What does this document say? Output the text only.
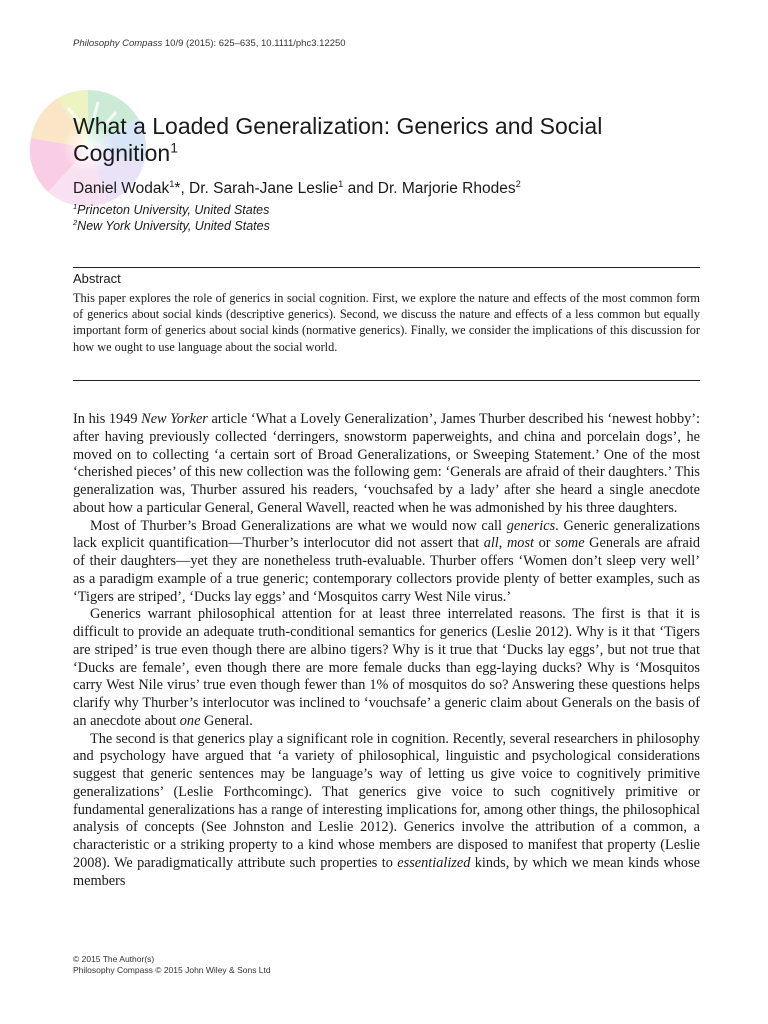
Philosophy Compass 10/9 (2015): 625–635, 10.1111/phc3.12250
What a Loaded Generalization: Generics and Social Cognition$^1$
Daniel Wodak$^1$*, Dr. Sarah-Jane Leslie$^1$ and Dr. Marjorie Rhodes$^2$
$^1$Princeton University, United States
$^2$New York University, United States
Abstract

This paper explores the role of generics in social cognition. First, we explore the nature and effects of the most common form of generics about social kinds (descriptive generics). Second, we discuss the nature and effects of a less common but equally important form of generics about social kinds (normative generics). Finally, we consider the implications of this discussion for how we ought to use language about the social world.

In his 1949 New Yorker article ‘What a Lovely Generalization’, James Thurber described his ‘newest hobby’: after having previously collected ‘derringers, snowstorm paperweights, and china and porcelain dogs’, he moved on to collecting ‘a certain sort of Broad Generalizations, or Sweeping Statement.’ One of the most ‘cherished pieces’ of this new collection was the following gem: ‘Generals are afraid of their daughters.’ This generalization was, Thurber assured his readers, ‘vouchsafed by a lady’ after she heard a single anecdote about how a particular General, General Wavell, reacted when he was admonished by his three daughters.

Most of Thurber’s Broad Generalizations are what we would now call generics. Generic generalizations lack explicit quantification—Thurber’s interlocutor did not assert that all, most or some Generals are afraid of their daughters—yet they are nonetheless truth-evaluable. Thurber offers ‘Women don’t sleep very well’ as a paradigm example of a true generic; contemporary collectors provide plenty of better examples, such as ‘Tigers are striped’, ‘Ducks lay eggs’ and ‘Mosquitos carry West Nile virus.’

Generics warrant philosophical attention for at least three interrelated reasons. The first is that it is difficult to provide an adequate truth-conditional semantics for generics (Leslie 2012). Why is it that ‘Tigers are striped’ is true even though there are albino tigers? Why is it true that ‘Ducks lay eggs’, but not true that ‘Ducks are female’, even though there are more female ducks than egg-laying ducks? Why is ‘Mosquitos carry West Nile virus’ true even though fewer than 1% of mosquitos do so? Answering these questions helps clarify why Thurber’s interlocutor was inclined to ‘vouchsafe’ a generic claim about Generals on the basis of an anecdote about one General.

The second is that generics play a significant role in cognition. Recently, several researchers in philosophy and psychology have argued that ‘a variety of philosophical, linguistic and psychological considerations suggest that generic sentences may be language’s way of letting us give voice to cognitively primitive generalizations’ (Leslie Forthcomingc). That generics give voice to such cognitively primitive or fundamental generalizations has a range of interesting implications for, among other things, the philosophical analysis of concepts (See Johnston and Leslie 2012). Generics involve the attribution of a common, a characteristic or a striking property to a kind whose members are disposed to manifest that property (Leslie 2008). We paradigmatically attribute such properties to essentialized kinds, by which we mean kinds whose members

© 2015 The Author(s)
Philosophy Compass © 2015 John Wiley & Sons Ltd
